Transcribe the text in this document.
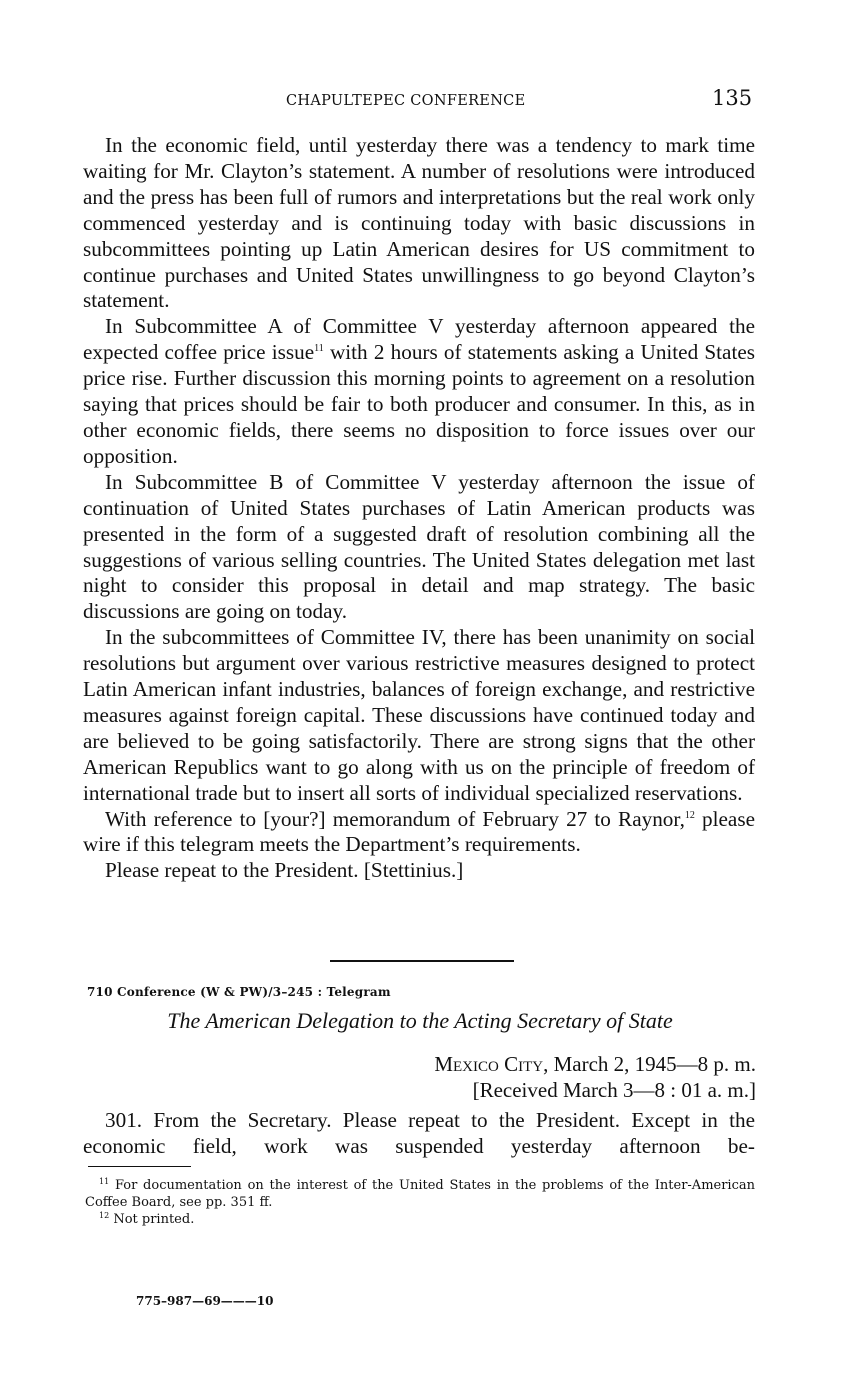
CHAPULTEPEC CONFERENCE	135

In the economic field, until yesterday there was a tendency to mark time waiting for Mr. Clayton’s statement. A number of resolutions were introduced and the press has been full of rumors and interpretations but the real work only commenced yesterday and is continuing today with basic discussions in subcommittees pointing up Latin American desires for US commitment to continue purchases and United States unwillingness to go beyond Clayton’s statement.

In Subcommittee A of Committee V yesterday afternoon appeared the expected coffee price issue$^{11}$ with 2 hours of statements asking a United States price rise. Further discussion this morning points to agreement on a resolution saying that prices should be fair to both producer and consumer. In this, as in other economic fields, there seems no disposition to force issues over our opposition.

In Subcommittee B of Committee V yesterday afternoon the issue of continuation of United States purchases of Latin American products was presented in the form of a suggested draft of resolution combining all the suggestions of various selling countries. The United States delegation met last night to consider this proposal in detail and map strategy. The basic discussions are going on today.

In the subcommittees of Committee IV, there has been unanimity on social resolutions but argument over various restrictive measures designed to protect Latin American infant industries, balances of foreign exchange, and restrictive measures against foreign capital. These discussions have continued today and are believed to be going satisfactorily. There are strong signs that the other American Republics want to go along with us on the principle of freedom of international trade but to insert all sorts of individual specialized reservations.

With reference to [your?] memorandum of February 27 to Raynor,$^{12}$ please wire if this telegram meets the Department’s requirements.

Please repeat to the President. [Stettinius.]

710 Conference (W & PW)/3–245 : Telegram
The American Delegation to the Acting Secretary of State
Mexico City, March 2, 1945—8 p. m.
[Received March 3—8 : 01 a. m.]

301. From the Secretary. Please repeat to the President. Except in the economic field, work was suspended yesterday afternoon be-

$^{11}$ For documentation on the interest of the United States in the problems of the Inter-American Coffee Board, see pp. 351 ff.

$^{12}$ Not printed.

775–987—69———10
